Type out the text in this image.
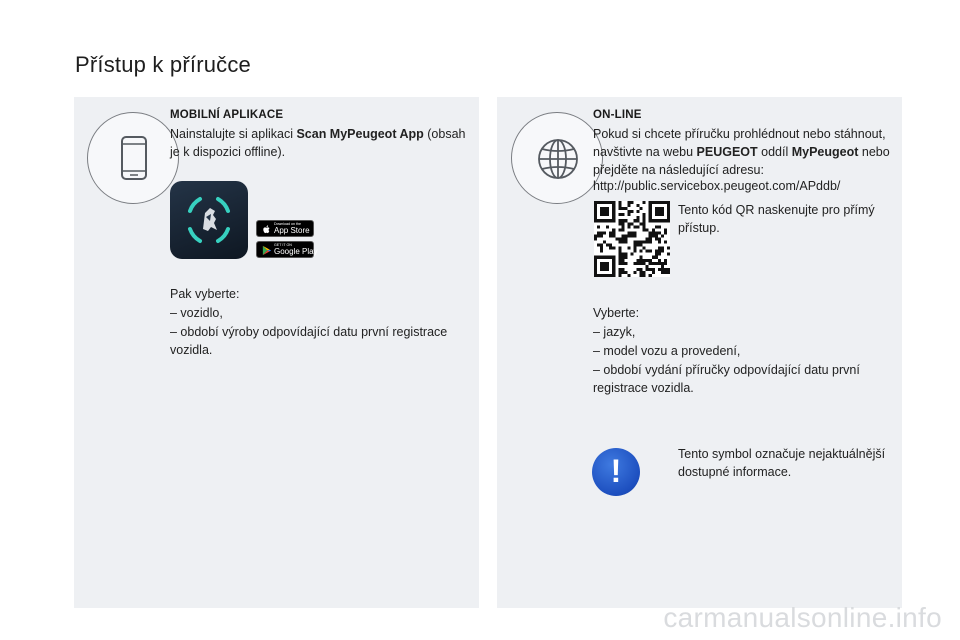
Přístup k příručce
MOBILNÍ APLIKACE
Nainstalujte si aplikaci Scan MyPeugeot App (obsah
je k dispozici offline).
Download on the
App Store
GET IT ON
Google Play
Pak vyberte:
– vozidlo,
– období výroby odpovídající datu první registrace
vozidla.
ON-LINE
Pokud si chcete příručku prohlédnout nebo stáhnout,
navštivte na webu PEUGEOT oddíl MyPeugeot nebo
přejděte na následující adresu:
http://public.servicebox.peugeot.com/APddb/
Tento kód QR naskenujte pro přímý
přístup.
Vyberte:
– jazyk,
– model vozu a provedení,
– období vydání příručky odpovídající datu první
registrace vozidla.
!	Tento symbol označuje nejaktuálnější
dostupné informace.
carmanualsonline.info
